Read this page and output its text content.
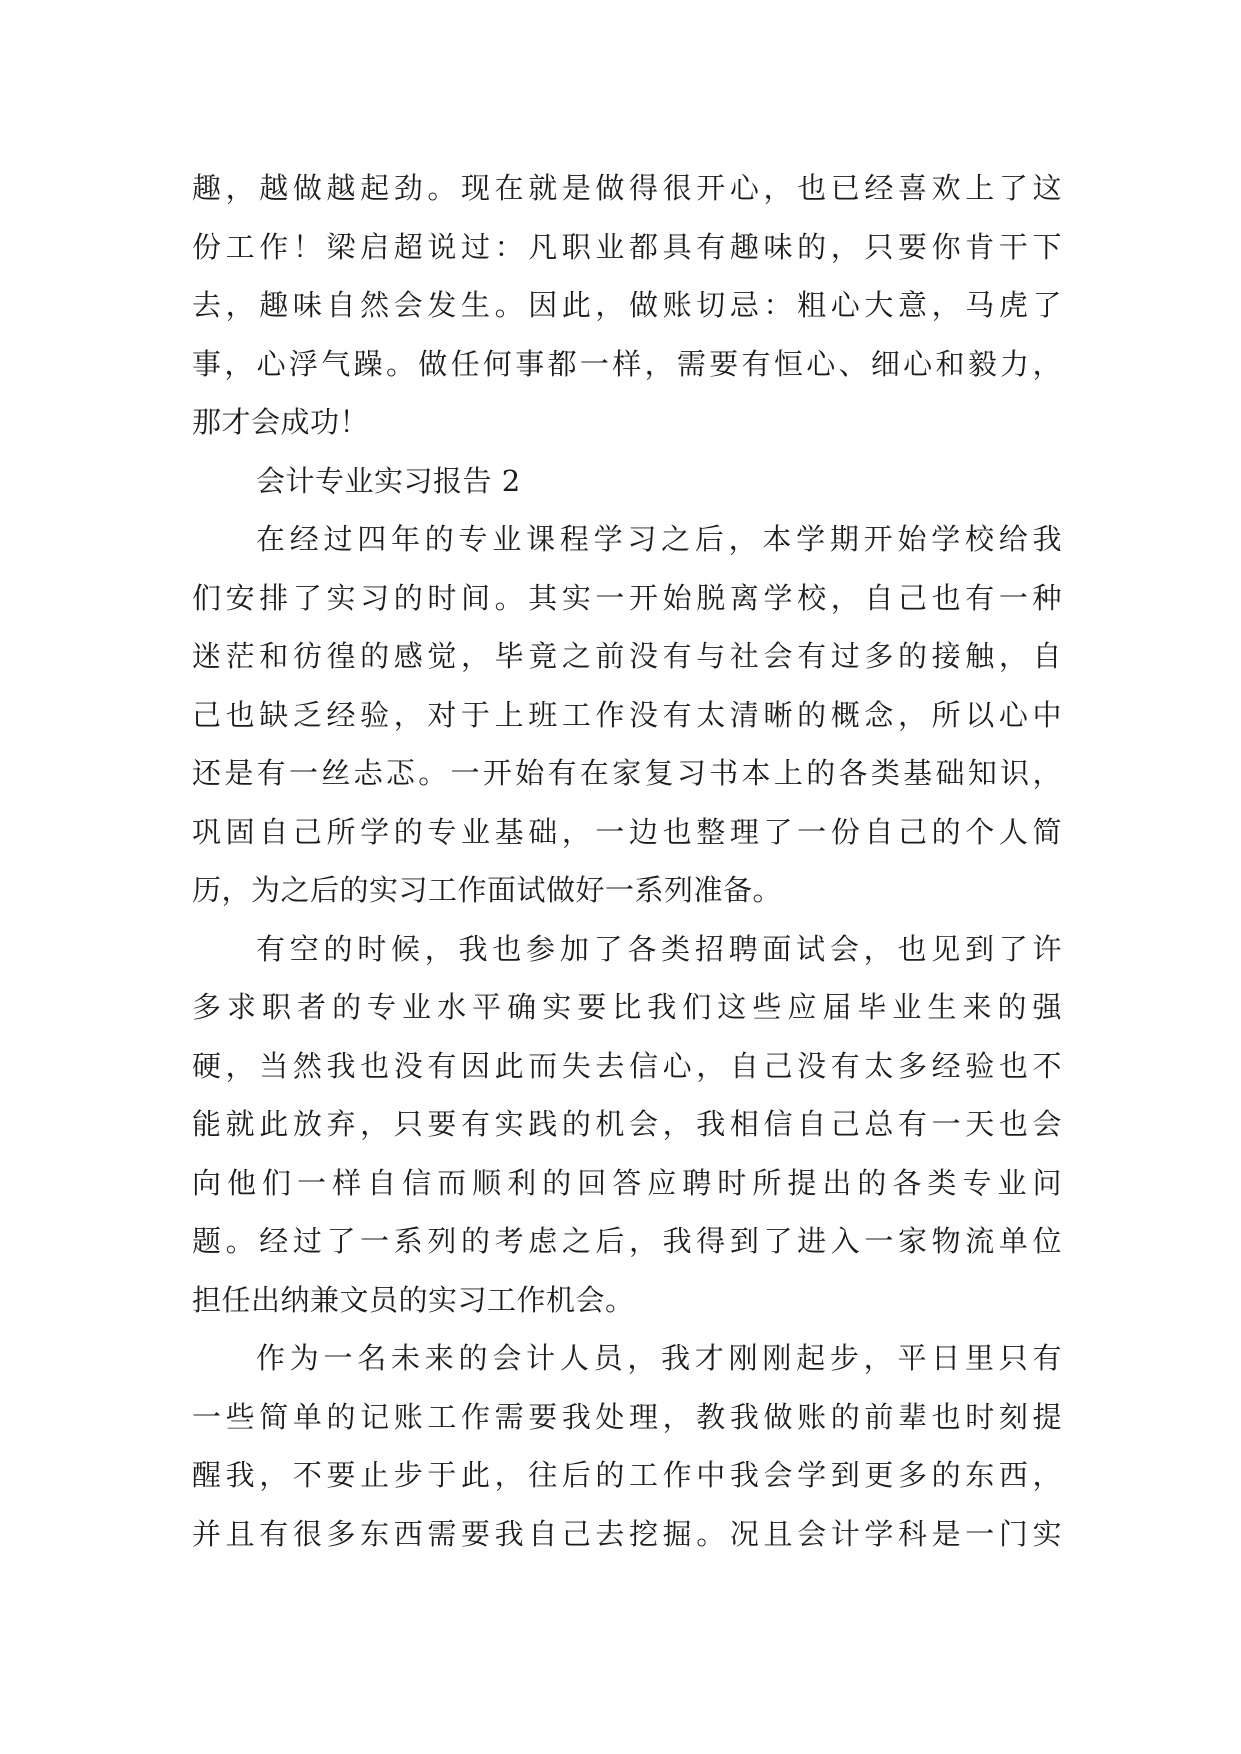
趣，越做越起劲。现在就是做得很开心，也已经喜欢上了这
份工作！梁启超说过：凡职业都具有趣味的，只要你肯干下
去，趣味自然会发生。因此，做账切忌：粗心大意，马虎了
事，心浮气躁。做任何事都一样，需要有恒心、细心和毅力，
那才会成功！
会计专业实习报告 2
在经过四年的专业课程学习之后，本学期开始学校给我
们安排了实习的时间。其实一开始脱离学校，自己也有一种
迷茫和彷徨的感觉，毕竟之前没有与社会有过多的接触，自
己也缺乏经验，对于上班工作没有太清晰的概念，所以心中
还是有一丝忐忑。一开始有在家复习书本上的各类基础知识，
巩固自己所学的专业基础，一边也整理了一份自己的个人简
历，为之后的实习工作面试做好一系列准备。
有空的时候，我也参加了各类招聘面试会，也见到了许
多求职者的专业水平确实要比我们这些应届毕业生来的强
硬，当然我也没有因此而失去信心，自己没有太多经验也不
能就此放弃，只要有实践的机会，我相信自己总有一天也会
向他们一样自信而顺利的回答应聘时所提出的各类专业问
题。经过了一系列的考虑之后，我得到了进入一家物流单位
担任出纳兼文员的实习工作机会。
作为一名未来的会计人员，我才刚刚起步，平日里只有
一些简单的记账工作需要我处理，教我做账的前辈也时刻提
醒我，不要止步于此，往后的工作中我会学到更多的东西，
并且有很多东西需要我自己去挖掘。况且会计学科是一门实
